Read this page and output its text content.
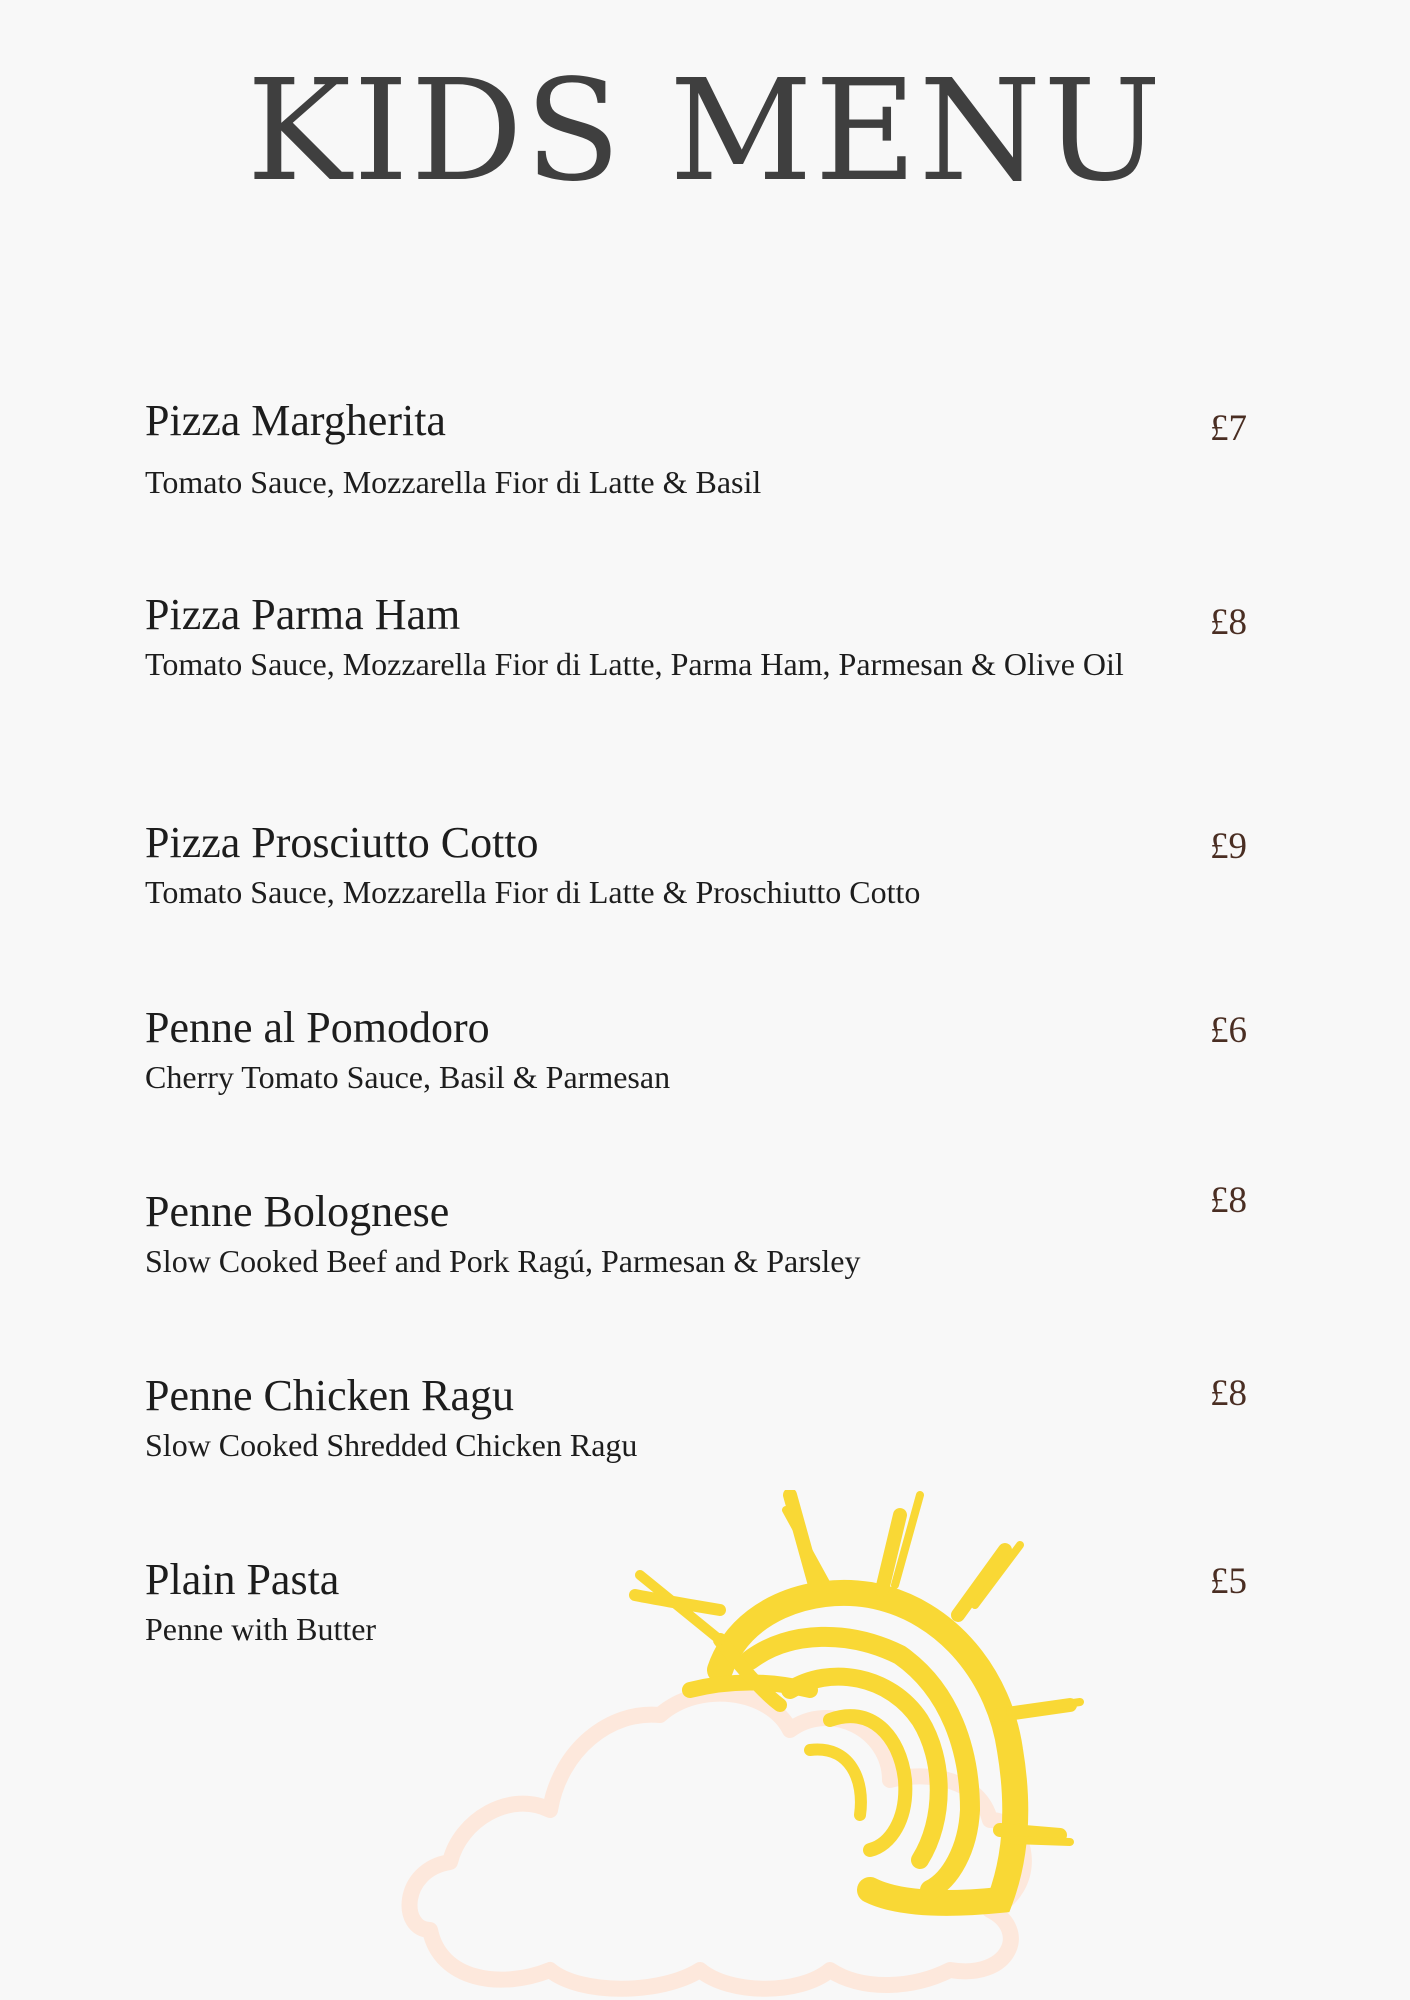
KIDS MENU
Pizza Margherita
Tomato Sauce, Mozzarella Fior di Latte & Basil
£7
Pizza Parma Ham
Tomato Sauce, Mozzarella Fior di Latte, Parma Ham, Parmesan & Olive Oil
£8
Pizza Prosciutto Cotto
Tomato Sauce, Mozzarella Fior di Latte & Proschiutto Cotto
£9
Penne al Pomodoro
Cherry Tomato Sauce, Basil & Parmesan
£6
Penne Bolognese
Slow Cooked Beef and Pork Ragú, Parmesan & Parsley
£8
Penne Chicken Ragu
Slow Cooked Shredded Chicken Ragu
£8
Plain Pasta
Penne with Butter
£5
